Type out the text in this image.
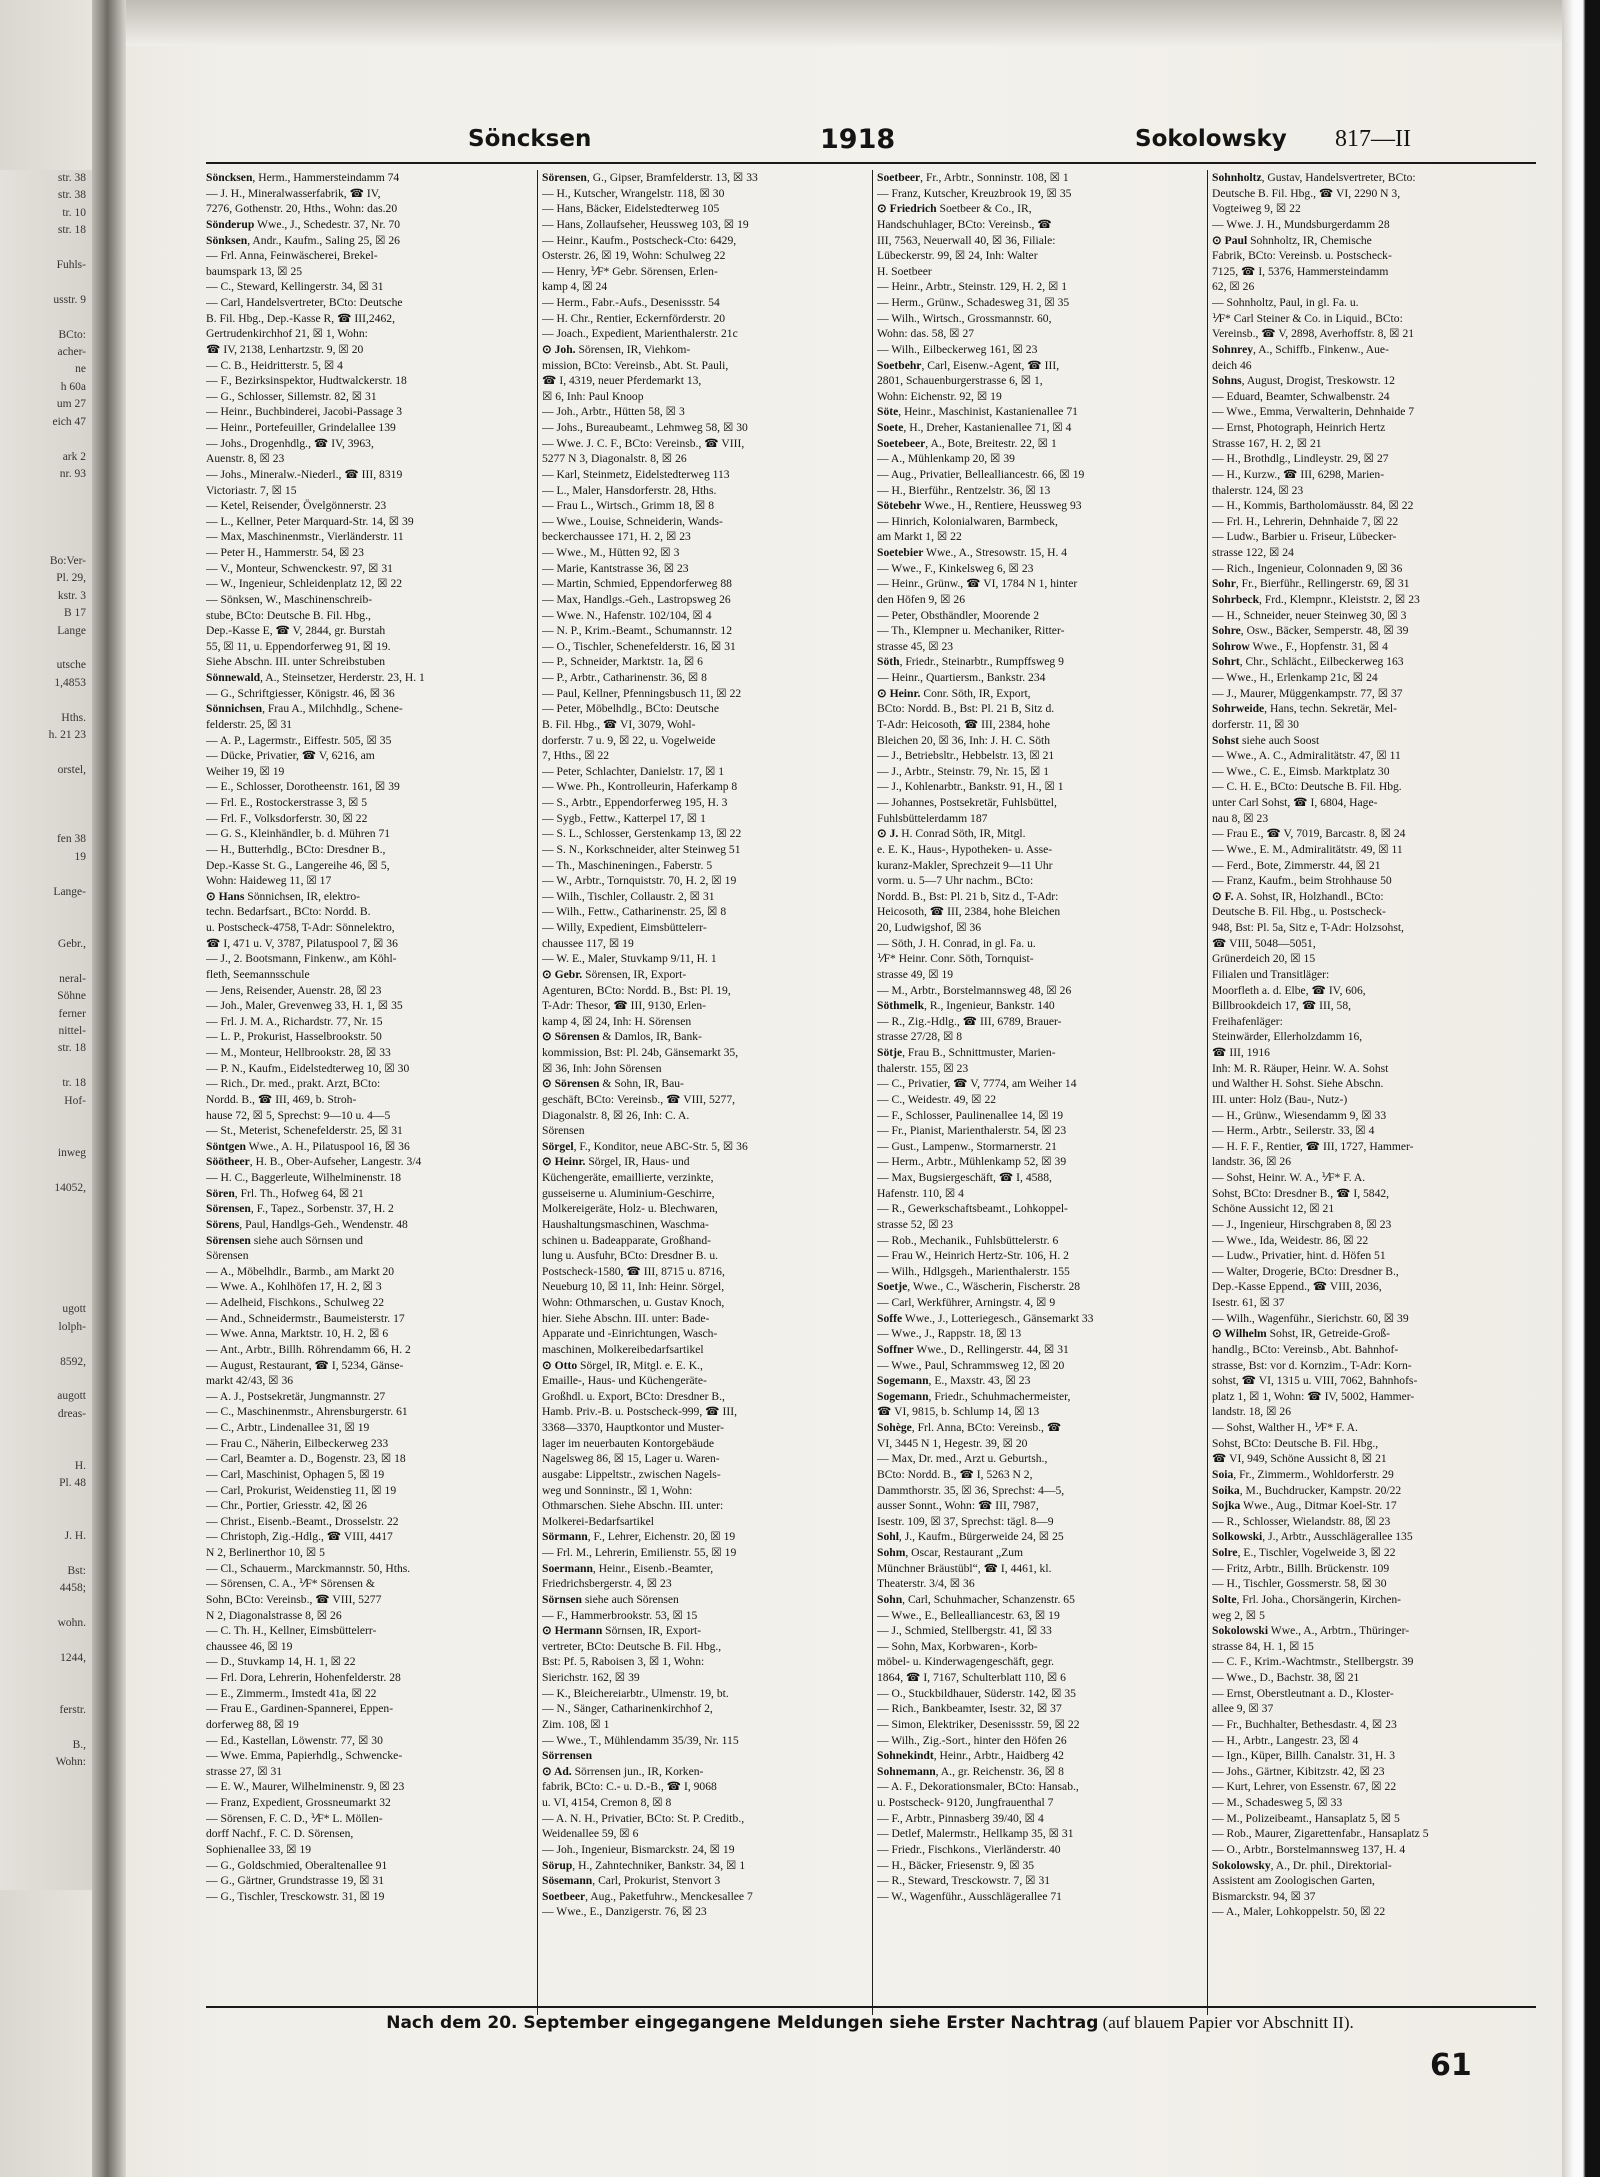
str. 38
str. 38
tr. 10
str. 18

Fuhls-

usstr. 9

BCto:
acher-
ne
h 60a
um 27
eich 47

ark 2
nr. 93

Bo:Ver-
Pl. 29,
kstr. 3
B 17
Lange

utsche
1,4853

Hths.
h. 21 23

orstel,

fen 38
19

Lange-

Gebr.,

neral-
Söhne
ferner
nittel-
str. 18

tr. 18
Hof-

inweg

14052,

ugott
lolph-

8592,

augott
dreas-

H.
Pl. 48

J. H.

Bst:
4458;

wohn.

1244,

ferstr.

B.,
Wohn:
Söncksen	1918	Sokolowsky 817—II
Söncksen, Herm., Hammersteindamm 74
— J. H., Mineralwasserfabrik, ☎ IV,
7276, Gothenstr. 20, Hths., Wohn: das.20
Sönderup Wwe., J., Schedestr. 37, Nr. 70
Sönksen, Andr., Kaufm., Saling 25, ☒ 26
— Frl. Anna, Feinwäscherei, Brekel-
baumspark 13, ☒ 25
— C., Steward, Kellingerstr. 34, ☒ 31
— Carl, Handelsvertreter, BCto: Deutsche
B. Fil. Hbg., Dep.-Kasse R, ☎ III,2462,
Gertrudenkirchhof 21, ☒ 1, Wohn:
☎ IV, 2138, Lenhartzstr. 9, ☒ 20
— C. B., Heidritterstr. 5, ☒ 4
— F., Bezirksinspektor, Hudtwalckerstr. 18
— G., Schlosser, Sillemstr. 82, ☒ 31
— Heinr., Buchbinderei, Jacobi-Passage 3
— Heinr., Portefeuiller, Grindelallee 139
— Johs., Drogenhdlg., ☎ IV, 3963,
Auenstr. 8, ☒ 23
— Johs., Mineralw.-Niederl., ☎ III, 8319
Victoriastr. 7, ☒ 15
— Ketel, Reisender, Övelgönnerstr. 23
— L., Kellner, Peter Marquard-Str. 14, ☒ 39
— Max, Maschinenmstr., Vierländerstr. 11
— Peter H., Hammerstr. 54, ☒ 23
— V., Monteur, Schwenckestr. 97, ☒ 31
— W., Ingenieur, Schleidenplatz 12, ☒ 22
— Sönksen, W., Maschinenschreib-
stube, BCto: Deutsche B. Fil. Hbg.,
Dep.-Kasse E, ☎ V, 2844, gr. Burstah
55, ☒ 11, u. Eppendorferweg 91, ☒ 19.
Siehe Abschn. III. unter Schreibstuben
Sönnewald, A., Steinsetzer, Herderstr. 23, H. 1
— G., Schriftgiesser, Königstr. 46, ☒ 36
Sönnichsen, Frau A., Milchhdlg., Schene-
felderstr. 25, ☒ 31
— A. P., Lagermstr., Eiffestr. 505, ☒ 35
— Dücke, Privatier, ☎ V, 6216, am
Weiher 19, ☒ 19
— E., Schlosser, Dorotheenstr. 161, ☒ 39
— Frl. E., Rostockerstrasse 3, ☒ 5
— Frl. F., Volksdorferstr. 30, ☒ 22
— G. S., Kleinhändler, b. d. Mühren 71
— H., Butterhdlg., BCto: Dresdner B.,
Dep.-Kasse St. G., Langereihe 46, ☒ 5,
Wohn: Haideweg 11, ☒ 17
⊙ Hans Sönnichsen, IR, elektro-
techn. Bedarfsart., BCto: Nordd. B.
u. Postscheck-4758, T-Adr: Sönnelektro,
☎ I, 471 u. V, 3787, Pilatuspool 7, ☒ 36
— J., 2. Bootsmann, Finkenw., am Köhl-
fleth, Seemannsschule
— Jens, Reisender, Auenstr. 28, ☒ 23
— Joh., Maler, Grevenweg 33, H. 1, ☒ 35
— Frl. J. M. A., Richardstr. 77, Nr. 15
— L. P., Prokurist, Hasselbrookstr. 50
— M., Monteur, Hellbrookstr. 28, ☒ 33
— P. N., Kaufm., Eidelstedterweg 10, ☒ 30
— Rich., Dr. med., prakt. Arzt, BCto:
Nordd. B., ☎ III, 469, b. Stroh-
hause 72, ☒ 5, Sprechst: 9—10 u. 4—5
— St., Meterist, Schenefelderstr. 25, ☒ 31
Söntgen Wwe., A. H., Pilatuspool 16, ☒ 36
Söötheer, H. B., Ober-Aufseher, Langestr. 3/4
— H. C., Baggerleute, Wilhelminenstr. 18
Sören, Frl. Th., Hofweg 64, ☒ 21
Sörensen, F., Tapez., Sorbenstr. 37, H. 2
Sörens, Paul, Handlgs-Geh., Wendenstr. 48
Sörensen siehe auch Sörnsen und
Sörensen
— A., Möbelhdlr., Barmb., am Markt 20
— Wwe. A., Kohlhöfen 17, H. 2, ☒ 3
— Adelheid, Fischkons., Schulweg 22
— And., Schneidermstr., Baumeisterstr. 17
— Wwe. Anna, Marktstr. 10, H. 2, ☒ 6
— Ant., Arbtr., Billh. Röhrendamm 66, H. 2
— August, Restaurant, ☎ I, 5234, Gänse-
markt 42/43, ☒ 36
— A. J., Postsekretär, Jungmannstr. 27
— C., Maschinenmstr., Ahrensburgerstr. 61
— C., Arbtr., Lindenallee 31, ☒ 19
— Frau C., Näherin, Eilbeckerweg 233
— Carl, Beamter a. D., Bogenstr. 23, ☒ 18
— Carl, Maschinist, Ophagen 5, ☒ 19
— Carl, Prokurist, Weidenstieg 11, ☒ 19
— Chr., Portier, Griesstr. 42, ☒ 26
— Christ., Eisenb.-Beamt., Drosselstr. 22
— Christoph, Zig.-Hdlg., ☎ VIII, 4417
N 2, Berlinerthor 10, ☒ 5
— Cl., Schauerm., Marckmannstr. 50, Hths.
— Sörensen, C. A., ⅟F* Sörensen &
Sohn, BCto: Vereinsb., ☎ VIII, 5277
N 2, Diagonalstrasse 8, ☒ 26
— C. Th. H., Kellner, Eimsbüttelerr-
chaussee 46, ☒ 19
— D., Stuvkamp 14, H. 1, ☒ 22
— Frl. Dora, Lehrerin, Hohenfelderstr. 28
— E., Zimmerm., Imstedt 41a, ☒ 22
— Frau E., Gardinen-Spannerei, Eppen-
dorferweg 88, ☒ 19
— Ed., Kastellan, Löwenstr. 77, ☒ 30
— Wwe. Emma, Papierhdlg., Schwencke-
strasse 27, ☒ 31
— E. W., Maurer, Wilhelminenstr. 9, ☒ 23
— Franz, Expedient, Grossneumarkt 32
— Sörensen, F. C. D., ⅟F* L. Möllen-
dorff Nachf., F. C. D. Sörensen,
Sophienallee 33, ☒ 19
— G., Goldschmied, Oberaltenallee 91
— G., Gärtner, Grundstrasse 19, ☒ 31
— G., Tischler, Tresckowstr. 31, ☒ 19
Sörensen, G., Gipser, Bramfelderstr. 13, ☒ 33
— H., Kutscher, Wrangelstr. 118, ☒ 30
— Hans, Bäcker, Eidelstedterweg 105
— Hans, Zollaufseher, Heussweg 103, ☒ 19
— Heinr., Kaufm., Postscheck-Cto: 6429,
Osterstr. 26, ☒ 19, Wohn: Schulweg 22
— Henry, ⅟F* Gebr. Sörensen, Erlen-
kamp 4, ☒ 24
— Herm., Fabr.-Aufs., Desenissstr. 54
— H. Chr., Rentier, Eckernförderstr. 20
— Joach., Expedient, Marienthalerstr. 21c
⊙ Joh. Sörensen, IR, Viehkom-
mission, BCto: Vereinsb., Abt. St. Pauli,
☎ I, 4319, neuer Pferdemarkt 13,
☒ 6, Inh: Paul Knoop
— Joh., Arbtr., Hütten 58, ☒ 3
— Johs., Bureaubeamt., Lehmweg 58, ☒ 30
— Wwe. J. C. F., BCto: Vereinsb., ☎ VIII,
5277 N 3, Diagonalstr. 8, ☒ 26
— Karl, Steinmetz, Eidelstedterweg 113
— L., Maler, Hansdorferstr. 28, Hths.
— Frau L., Wirtsch., Grimm 18, ☒ 8
— Wwe., Louise, Schneiderin, Wands-
beckerchaussee 171, H. 2, ☒ 23
— Wwe., M., Hütten 92, ☒ 3
— Marie, Kantstrasse 36, ☒ 23
— Martin, Schmied, Eppendorferweg 88
— Max, Handlgs.-Geh., Lastropsweg 26
— Wwe. N., Hafenstr. 102/104, ☒ 4
— N. P., Krim.-Beamt., Schumannstr. 12
— O., Tischler, Schenefelderstr. 16, ☒ 31
— P., Schneider, Marktstr. 1a, ☒ 6
— P., Arbtr., Catharinenstr. 36, ☒ 8
— Paul, Kellner, Pfenningsbusch 11, ☒ 22
— Peter, Möbelhdlg., BCto: Deutsche
B. Fil. Hbg., ☎ VI, 3079, Wohl-
dorferstr. 7 u. 9, ☒ 22, u. Vogelweide
7, Hths., ☒ 22
— Peter, Schlachter, Danielstr. 17, ☒ 1
— Wwe. Ph., Kontrolleurin, Haferkamp 8
— S., Arbtr., Eppendorferweg 195, H. 3
— Sygb., Fettw., Katterpel 17, ☒ 1
— S. L., Schlosser, Gerstenkamp 13, ☒ 22
— S. N., Korkschneider, alter Steinweg 51
— Th., Maschineningen., Faberstr. 5
— W., Arbtr., Tornquiststr. 70, H. 2, ☒ 19
— Wilh., Tischler, Collaustr. 2, ☒ 31
— Wilh., Fettw., Catharinenstr. 25, ☒ 8
— Willy, Expedient, Eimsbüttelerr-
chaussee 117, ☒ 19
— W. E., Maler, Stuvkamp 9/11, H. 1
⊙ Gebr. Sörensen, IR, Export-
Agenturen, BCto: Nordd. B., Bst: Pl. 19,
T-Adr: Thesor, ☎ III, 9130, Erlen-
kamp 4, ☒ 24, Inh: H. Sörensen
⊙ Sörensen & Damlos, IR, Bank-
kommission, Bst: Pl. 24b, Gänsemarkt 35,
☒ 36, Inh: John Sörensen
⊙ Sörensen & Sohn, IR, Bau-
geschäft, BCto: Vereinsb., ☎ VIII, 5277,
Diagonalstr. 8, ☒ 26, Inh: C. A.
Sörensen
Sörgel, F., Konditor, neue ABC-Str. 5, ☒ 36
⊙ Heinr. Sörgel, IR, Haus- und
Küchengeräte, emaillierte, verzinkte,
gusseiserne u. Aluminium-Geschirre,
Molkereigeräte, Holz- u. Blechwaren,
Haushaltungsmaschinen, Waschma-
schinen u. Badeapparate, Großhand-
lung u. Ausfuhr, BCto: Dresdner B. u.
Postscheck-1580, ☎ III, 8715 u. 8716,
Neueburg 10, ☒ 11, Inh: Heinr. Sörgel,
Wohn: Othmarschen, u. Gustav Knoch,
hier. Siehe Abschn. III. unter: Bade-
Apparate und -Einrichtungen, Wasch-
maschinen, Molkereibedarfsartikel
⊙ Otto Sörgel, IR, Mitgl. e. E. K.,
Emaille-, Haus- und Küchengeräte-
Großhdl. u. Export, BCto: Dresdner B.,
Hamb. Priv.-B. u. Postscheck-999, ☎ III,
3368—3370, Hauptkontor und Muster-
lager im neuerbauten Kontorgebäude
Nagelsweg 86, ☒ 15, Lager u. Waren-
ausgabe: Lippeltstr., zwischen Nagels-
weg und Sonninstr., ☒ 1, Wohn:
Othmarschen. Siehe Abschn. III. unter:
Molkerei-Bedarfsartikel
Sörmann, F., Lehrer, Eichenstr. 20, ☒ 19
— Frl. M., Lehrerin, Emilienstr. 55, ☒ 19
Soermann, Heinr., Eisenb.-Beamter,
Friedrichsbergerstr. 4, ☒ 23
Sörnsen siehe auch Sörensen
— F., Hammerbrookstr. 53, ☒ 15
⊙ Hermann Sörnsen, IR, Export-
vertreter, BCto: Deutsche B. Fil. Hbg.,
Bst: Pf. 5, Raboisen 3, ☒ 1, Wohn:
Sierichstr. 162, ☒ 39
— K., Bleichereiarbtr., Ulmenstr. 19, bt.
— N., Sänger, Catharinenkirchhof 2,
Zim. 108, ☒ 1
— Wwe., T., Mühlendamm 35/39, Nr. 115
Sörrensen
⊙ Ad. Sörrensen jun., IR, Korken-
fabrik, BCto: C.- u. D.-B., ☎ I, 9068
u. VI, 4154, Cremon 8, ☒ 8
— A. N. H., Privatier, BCto: St. P. Creditb.,
Weidenallee 59, ☒ 6
— Joh., Ingenieur, Bismarckstr. 24, ☒ 19
Sörup, H., Zahntechniker, Bankstr. 34, ☒ 1
Sösemann, Carl, Prokurist, Stenvort 3
Soetbeer, Aug., Paketfuhrw., Menckesallee 7
— Wwe., E., Danzigerstr. 76, ☒ 23
Soetbeer, Fr., Arbtr., Sonninstr. 108, ☒ 1
— Franz, Kutscher, Kreuzbrook 19, ☒ 35
⊙ Friedrich Soetbeer & Co., IR,
Handschuhlager, BCto: Vereinsb., ☎
III, 7563, Neuerwall 40, ☒ 36, Filiale:
Lübeckerstr. 99, ☒ 24, Inh: Walter
H. Soetbeer
— Heinr., Arbtr., Steinstr. 129, H. 2, ☒ 1
— Herm., Grünw., Schadesweg 31, ☒ 35
— Wilh., Wirtsch., Grossmannstr. 60,
Wohn: das. 58, ☒ 27
— Wilh., Eilbeckerweg 161, ☒ 23
Soetbehr, Carl, Eisenw.-Agent, ☎ III,
2801, Schauenburgerstrasse 6, ☒ 1,
Wohn: Eichenstr. 92, ☒ 19
Söte, Heinr., Maschinist, Kastanienallee 71
Soete, H., Dreher, Kastanienallee 71, ☒ 4
Soetebeer, A., Bote, Breitestr. 22, ☒ 1
— A., Mühlenkamp 20, ☒ 39
— Aug., Privatier, Bellealliancestr. 66, ☒ 19
— H., Bierführ., Rentzelstr. 36, ☒ 13
Sötebehr Wwe., H., Rentiere, Heussweg 93
— Hinrich, Kolonialwaren, Barmbeck,
am Markt 1, ☒ 22
Soetebier Wwe., A., Stresowstr. 15, H. 4
— Wwe., F., Kinkelsweg 6, ☒ 23
— Heinr., Grünw., ☎ VI, 1784 N 1, hinter
den Höfen 9, ☒ 26
— Peter, Obsthändler, Moorende 2
— Th., Klempner u. Mechaniker, Ritter-
strasse 45, ☒ 23
Söth, Friedr., Steinarbtr., Rumpffsweg 9
— Heinr., Quartiersm., Bankstr. 234
⊙ Heinr. Conr. Söth, IR, Export,
BCto: Nordd. B., Bst: Pl. 21 B, Sitz d.
T-Adr: Heicosoth, ☎ III, 2384, hohe
Bleichen 20, ☒ 36, Inh: J. H. C. Söth
— J., Betriebsltr., Hebbelstr. 13, ☒ 21
— J., Arbtr., Steinstr. 79, Nr. 15, ☒ 1
— J., Kohlenarbtr., Bankstr. 91, H., ☒ 1
— Johannes, Postsekretär, Fuhlsbüttel,
Fuhlsbüttelerdamm 187
⊙ J. H. Conrad Söth, IR, Mitgl.
e. E. K., Haus-, Hypotheken- u. Asse-
kuranz-Makler, Sprechzeit 9—11 Uhr
vorm. u. 5—7 Uhr nachm., BCto:
Nordd. B., Bst: Pl. 21 b, Sitz d., T-Adr:
Heicosoth, ☎ III, 2384, hohe Bleichen
20, Ludwigshof, ☒ 36
— Söth, J. H. Conrad, in gl. Fa. u.
⅟F* Heinr. Conr. Söth, Tornquist-
strasse 49, ☒ 19
— M., Arbtr., Borstelmannsweg 48, ☒ 26
Söthmelk, R., Ingenieur, Bankstr. 140
— R., Zig.-Hdlg., ☎ III, 6789, Brauer-
strasse 27/28, ☒ 8
Sötje, Frau B., Schnittmuster, Marien-
thalerstr. 155, ☒ 23
— C., Privatier, ☎ V, 7774, am Weiher 14
— C., Weidestr. 49, ☒ 22
— F., Schlosser, Paulinenallee 14, ☒ 19
— Fr., Pianist, Marienthalerstr. 54, ☒ 23
— Gust., Lampenw., Stormarnerstr. 21
— Herm., Arbtr., Mühlenkamp 52, ☒ 39
— Max, Bugsiergeschäft, ☎ I, 4588,
Hafenstr. 110, ☒ 4
— R., Gewerkschaftsbeamt., Lohkoppel-
strasse 52, ☒ 23
— Rob., Mechanik., Fuhlsbüttelerstr. 6
— Frau W., Heinrich Hertz-Str. 106, H. 2
— Wilh., Hdlgsgeh., Marienthalerstr. 155
Soetje, Wwe., C., Wäscherin, Fischerstr. 28
— Carl, Werkführer, Arningstr. 4, ☒ 9
Soffe Wwe., J., Lotteriegesch., Gänsemarkt 33
— Wwe., J., Rappstr. 18, ☒ 13
Soffner Wwe., D., Rellingerstr. 44, ☒ 31
— Wwe., Paul, Schrammsweg 12, ☒ 20
Sogemann, E., Maxstr. 43, ☒ 23
Sogemann, Friedr., Schuhmachermeister,
☎ VI, 9815, b. Schlump 14, ☒ 13
Sohège, Frl. Anna, BCto: Vereinsb., ☎
VI, 3445 N 1, Hegestr. 39, ☒ 20
— Max, Dr. med., Arzt u. Geburtsh.,
BCto: Nordd. B., ☎ I, 5263 N 2,
Dammthorstr. 35, ☒ 36, Sprechst: 4—5,
ausser Sonnt., Wohn: ☎ III, 7987,
Isestr. 109, ☒ 37, Sprechst: tägl. 8—9
Sohl, J., Kaufm., Bürgerweide 24, ☒ 25
Sohm, Oscar, Restaurant „Zum
Münchner Bräustübl“, ☎ I, 4461, kl.
Theaterstr. 3/4, ☒ 36
Sohn, Carl, Schuhmacher, Schanzenstr. 65
— Wwe., E., Bellealliancestr. 63, ☒ 19
— J., Schmied, Stellbergstr. 41, ☒ 33
— Sohn, Max, Korbwaren-, Korb-
möbel- u. Kinderwagengeschäft, gegr.
1864, ☎ I, 7167, Schulterblatt 110, ☒ 6
— O., Stuckbildhauer, Süderstr. 142, ☒ 35
— Rich., Bankbeamter, Isestr. 32, ☒ 37
— Simon, Elektriker, Desenissstr. 59, ☒ 22
— Wilh., Zig.-Sort., hinter den Höfen 26
Sohnekindt, Heinr., Arbtr., Haidberg 42
Sohnemann, A., gr. Reichenstr. 36, ☒ 8
— A. F., Dekorationsmaler, BCto: Hansab.,
u. Postscheck- 9120, Jungfrauenthal 7
— F., Arbtr., Pinnasberg 39/40, ☒ 4
— Detlef, Malermstr., Hellkamp 35, ☒ 31
— Friedr., Fischkons., Vierländerstr. 40
— H., Bäcker, Friesenstr. 9, ☒ 35
— R., Steward, Tresckowstr. 7, ☒ 31
— W., Wagenführ., Ausschlägerallee 71
Sohnholtz, Gustav, Handelsvertreter, BCto:
Deutsche B. Fil. Hbg., ☎ VI, 2290 N 3,
Vogteiweg 9, ☒ 22
— Wwe. J. H., Mundsburgerdamm 28
⊙ Paul Sohnholtz, IR, Chemische
Fabrik, BCto: Vereinsb. u. Postscheck-
7125, ☎ I, 5376, Hammersteindamm
62, ☒ 26
— Sohnholtz, Paul, in gl. Fa. u.
⅟F* Carl Steiner & Co. in Liquid., BCto:
Vereinsb., ☎ V, 2898, Averhoffstr. 8, ☒ 21
Sohnrey, A., Schiffb., Finkenw., Aue-
deich 46
Sohns, August, Drogist, Treskowstr. 12
— Eduard, Beamter, Schwalbenstr. 24
— Wwe., Emma, Verwalterin, Dehnhaide 7
— Ernst, Photograph, Heinrich Hertz
Strasse 167, H. 2, ☒ 21
— H., Brothdlg., Lindleystr. 29, ☒ 27
— H., Kurzw., ☎ III, 6298, Marien-
thalerstr. 124, ☒ 23
— H., Kommis, Bartholomäusstr. 84, ☒ 22
— Frl. H., Lehrerin, Dehnhaide 7, ☒ 22
— Ludw., Barbier u. Friseur, Lübecker-
strasse 122, ☒ 24
— Rich., Ingenieur, Colonnaden 9, ☒ 36
Sohr, Fr., Bierführ., Rellingerstr. 69, ☒ 31
Sohrbeck, Frd., Klempnr., Kleiststr. 2, ☒ 23
— H., Schneider, neuer Steinweg 30, ☒ 3
Sohre, Osw., Bäcker, Semperstr. 48, ☒ 39
Sohrow Wwe., F., Hopfenstr. 31, ☒ 4
Sohrt, Chr., Schlächt., Eilbeckerweg 163
— Wwe., H., Erlenkamp 21c, ☒ 24
— J., Maurer, Müggenkampstr. 77, ☒ 37
Sohrweide, Hans, techn. Sekretär, Mel-
dorferstr. 11, ☒ 30
Sohst siehe auch Soost
— Wwe., A. C., Admiralitätstr. 47, ☒ 11
— Wwe., C. E., Eimsb. Marktplatz 30
— C. H. E., BCto: Deutsche B. Fil. Hbg.
unter Carl Sohst, ☎ I, 6804, Hage-
nau 8, ☒ 23
— Frau E., ☎ V, 7019, Barcastr. 8, ☒ 24
— Wwe., E. M., Admiralitätstr. 49, ☒ 11
— Ferd., Bote, Zimmerstr. 44, ☒ 21
— Franz, Kaufm., beim Strohhause 50
⊙ F. A. Sohst, IR, Holzhandl., BCto:
Deutsche B. Fil. Hbg., u. Postscheck-
948, Bst: Pl. 5a, Sitz e, T-Adr: Holzsohst,
☎ VIII, 5048—5051,
Grünerdeich 20, ☒ 15
Filialen und Transitläger:
Moorfleth a. d. Elbe, ☎ IV, 606,
Billbrookdeich 17, ☎ III, 58,
Freihafenläger:
Steinwärder, Ellerholzdamm 16,
☎ III, 1916
Inh: M. R. Räuper, Heinr. W. A. Sohst
und Walther H. Sohst. Siehe Abschn.
III. unter: Holz (Bau-, Nutz-)
— H., Grünw., Wiesendamm 9, ☒ 33
— Herm., Arbtr., Seilerstr. 33, ☒ 4
— H. F. F., Rentier, ☎ III, 1727, Hammer-
landstr. 36, ☒ 26
— Sohst, Heinr. W. A., ⅟F* F. A.
Sohst, BCto: Dresdner B., ☎ I, 5842,
Schöne Aussicht 12, ☒ 21
— J., Ingenieur, Hirschgraben 8, ☒ 23
— Wwe., Ida, Weidestr. 86, ☒ 22
— Ludw., Privatier, hint. d. Höfen 51
— Walter, Drogerie, BCto: Dresdner B.,
Dep.-Kasse Eppend., ☎ VIII, 2036,
Isestr. 61, ☒ 37
— Wilh., Wagenführ., Sierichstr. 60, ☒ 39
⊙ Wilhelm Sohst, IR, Getreide-Groß-
handlg., BCto: Vereinsb., Abt. Bahnhof-
strasse, Bst: vor d. Kornzim., T-Adr: Korn-
sohst, ☎ VI, 1315 u. VIII, 7062, Bahnhofs-
platz 1, ☒ 1, Wohn: ☎ IV, 5002, Hammer-
landstr. 18, ☒ 26
— Sohst, Walther H., ⅟F* F. A.
Sohst, BCto: Deutsche B. Fil. Hbg.,
☎ VI, 949, Schöne Aussicht 8, ☒ 21
Soia, Fr., Zimmerm., Wohldorferstr. 29
Soika, M., Buchdrucker, Kampstr. 20/22
Sojka Wwe., Aug., Ditmar Koel-Str. 17
— R., Schlosser, Wielandstr. 88, ☒ 23
Solkowski, J., Arbtr., Ausschlägerallee 135
Solre, E., Tischler, Vogelweide 3, ☒ 22
— Fritz, Arbtr., Billh. Brückenstr. 109
— H., Tischler, Gossmerstr. 58, ☒ 30
Solte, Frl. Joha., Chorsängerin, Kirchen-
weg 2, ☒ 5
Sokolowski Wwe., A., Arbtrn., Thüringer-
strasse 84, H. 1, ☒ 15
— C. F., Krim.-Wachtmstr., Stellbergstr. 39
— Wwe., D., Bachstr. 38, ☒ 21
— Ernst, Oberstleutnant a. D., Kloster-
allee 9, ☒ 37
— Fr., Buchhalter, Bethesdastr. 4, ☒ 23
— H., Arbtr., Langestr. 23, ☒ 4
— Ign., Küper, Billh. Canalstr. 31, H. 3
— Johs., Gärtner, Kibitzstr. 42, ☒ 23
— Kurt, Lehrer, von Essenstr. 67, ☒ 22
— M., Schadesweg 5, ☒ 33
— M., Polizeibeamt., Hansaplatz 5, ☒ 5
— Rob., Maurer, Zigarettenfabr., Hansaplatz 5
— O., Arbtr., Borstelmannsweg 137, H. 4
Sokolowsky, A., Dr. phil., Direktorial-
Assistent am Zoologischen Garten,
Bismarckstr. 94, ☒ 37
— A., Maler, Lohkoppelstr. 50, ☒ 22
Nach dem 20. September eingegangene Meldungen siehe Erster Nachtrag (auf blauem Papier vor Abschnitt II).
61
